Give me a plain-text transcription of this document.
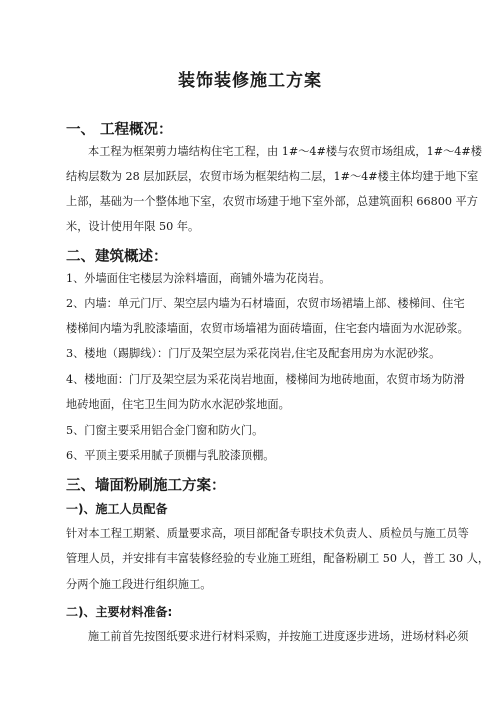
装饰装修施工方案
一、 工程概况：
本工程为框架剪力墙结构住宅工程，由 1#～4#楼与农贸市场组成，1#～4#楼
结构层数为 28 层加跃层，农贸市场为框架结构二层，1#～4#楼主体均建于地下室
上部，基础为一个整体地下室，农贸市场建于地下室外部，总建筑面积 66800 平方
米，设计使用年限 50 年。
二、建筑概述：
1、外墙面住宅楼层为涂料墙面，商铺外墙为花岗岩。
2、内墙：单元门厅、架空层内墙为石材墙面，农贸市场裙墙上部、楼梯间、住宅
楼梯间内墙为乳胶漆墙面，农贸市场墙裙为面砖墙面，住宅套内墙面为水泥砂浆。
3、楼地（踢脚线）：门厅及架空层为采花岗岩,住宅及配套用房为水泥砂浆。
4、楼地面：门厅及架空层为采花岗岩地面，楼梯间为地砖地面，农贸市场为防滑
地砖地面，住宅卫生间为防水水泥砂浆地面。
5、门窗主要采用铝合金门窗和防火门。
6、平顶主要采用腻子顶棚与乳胶漆顶棚。
三、墙面粉刷施工方案：
一)、施工人员配备
针对本工程工期紧、质量要求高，项目部配备专职技术负责人、质检员与施工员等
管理人员，并安排有丰富装修经验的专业施工班组，配备粉刷工 50 人，普工 30 人，
分两个施工段进行组织施工。
二)、主要材料准备:
施工前首先按图纸要求进行材料采购，并按施工进度逐步进场，进场材料必须
